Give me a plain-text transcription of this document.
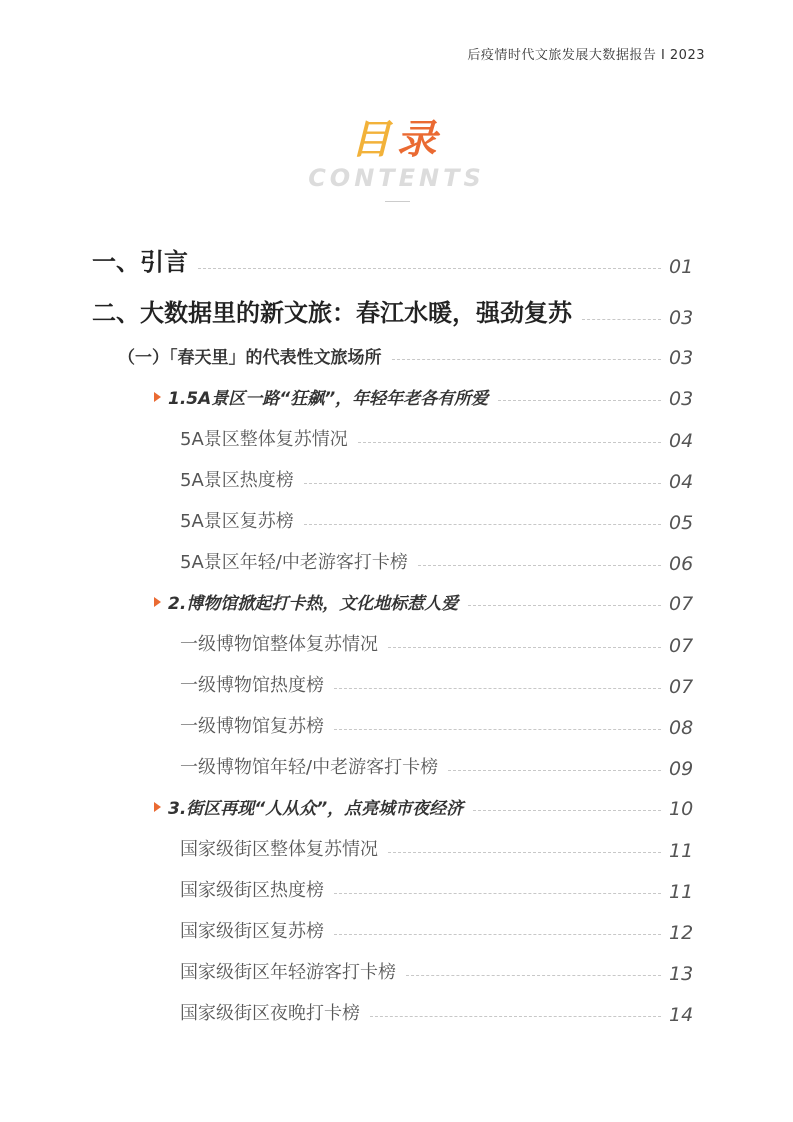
后疫情时代文旅发展大数据报告 I 2023
目录
CONTENTS
一、引言	01
二、大数据里的新文旅：春江水暖，强劲复苏	03
（一）「春天里」的代表性文旅场所	03
1.5A景区一路“狂飙”，年轻年老各有所爱	03
5A景区整体复苏情况	04
5A景区热度榜	04
5A景区复苏榜	05
5A景区年轻/中老游客打卡榜	06
2.博物馆掀起打卡热，文化地标惹人爱	07
一级博物馆整体复苏情况	07
一级博物馆热度榜	07
一级博物馆复苏榜	08
一级博物馆年轻/中老游客打卡榜	09
3.街区再现“人从众”，点亮城市夜经济	10
国家级街区整体复苏情况	11
国家级街区热度榜	11
国家级街区复苏榜	12
国家级街区年轻游客打卡榜	13
国家级街区夜晚打卡榜	14
